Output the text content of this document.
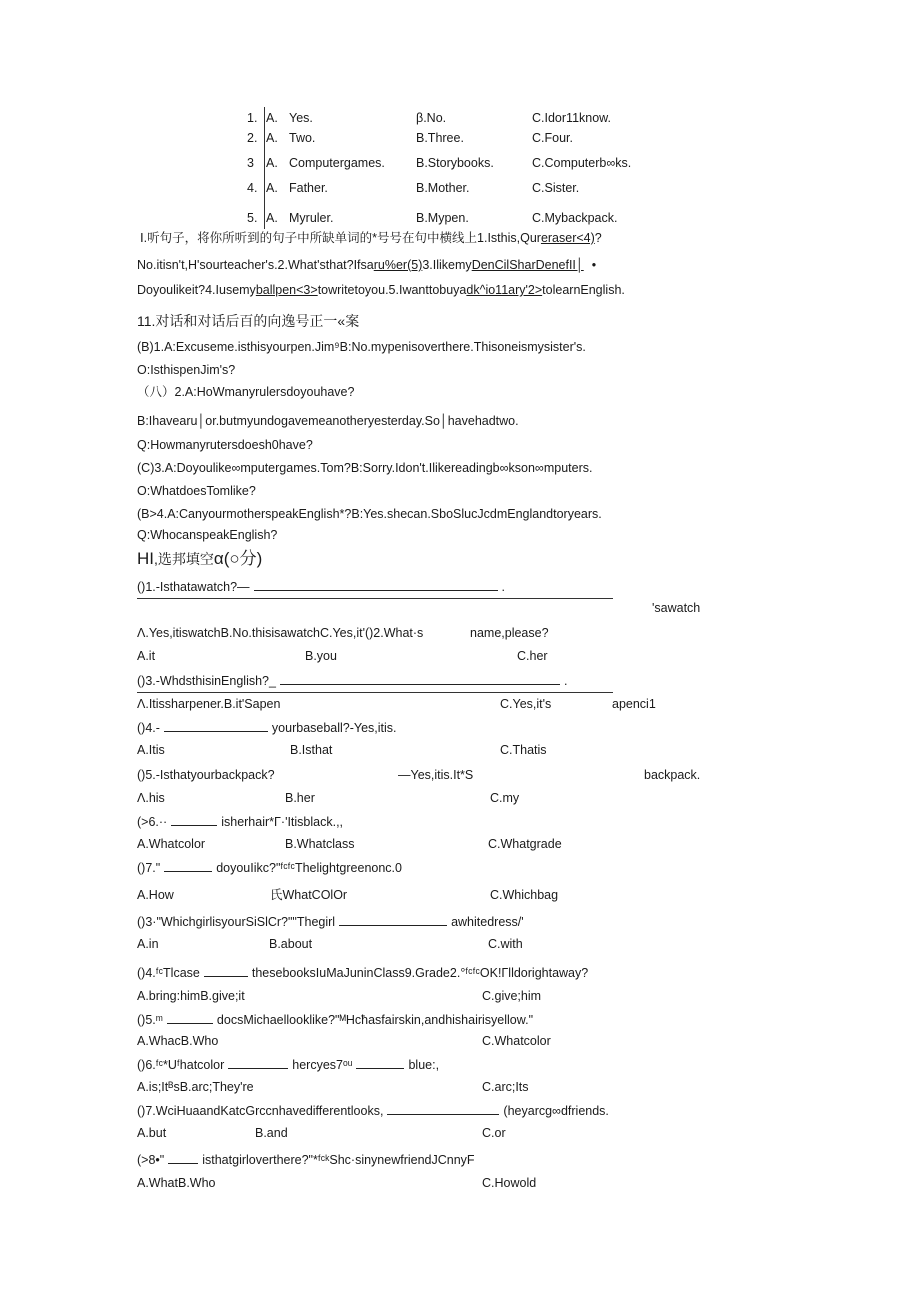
1. A. Yes.	β.No.	C.Idor11know.
2. A. Two.	B.Three.	C.Four.
3 A. Computergames. B.Storybooks.	C.Computerb∞ks.
4. A. Father.	B.Mother.	C.Sister.
5. A. Myruler.	B.Mypen.	C.Mybackpack.
Ⅰ.听句子，将你所听到的句子中所缺单词的*号号在句中横线上1.Isthis,Qureraser<4)?
No.itisn't,H'sourteacher's.2.What'sthat?Ifsaru%er(5)3.IlikemyDenCilSharDenefII│ •
Doyoulikeit?4.Iusemyballpen<3>towritetoyou.5.Iwanttobuyadk^io11ary'2>tolearnEnglish.
11.对话和对话后百的向逸号正一«案
(B)1.A:Excuseme.isthisyourpen.Jim⁹B:No.mypenisoverthere.Thisoneismysister's.
O:IsthispenJim's?
（八）2.A:HoWmanyrulersdoyouhave?
B:Ihavearu│or.butmyundogavemeanotheryesterday.So│havehadtwo.
Q:Howmanyrutersdoesh0have?
(C)3.A:Doyoulike∞mputergames.Tom?B:Sorry.Idon't.Ilikereadingb∞kson∞mputers.
O:WhatdoesTomlike?
(B>4.A:CanyourmotherspeakEnglish*?B:Yes.shecan.SboSlucJcdmEnglandtoryears.
Q:WhocanspeakEnglish?
HI,选邦填空α(○分)
()1.-Isthatawatch?—	.
'sawatch
Λ.Yes,itiswatchB.No.thisisawatchC.Yes,it'()2.What·s	name,please?
A.it	B.you	C.her
()3.-WhdsthisinEnglish?_	.
Λ.Itissharpener.B.it'Sapen	C.Yes,it's	apenci1
()4.-	yourbaseball?-Yes,itis.
A.Itis	B.Isthat	C.Thatis
()5.-Isthatyourbackpack?	—Yes,itis.It*S	backpack.
Λ.his	B.her	C.my
(>6.··	isherhair*Γ·'Itisblack.,,
A.Whatcolor	B.Whatclass	C.Whatgrade
()7."	doyouIikc?"ᶠᶜᶠᶜThelightgreenonc.0
A.How	氏WhatCOlOr	C.Whichbag
()3·"WhichgirlisyourSiSlCr?""Thegirl	awhitedress/'
A.in	B.about	C.with
()4.ᶠᶜTlcase	thesebooksIuMaJuninClass9.Grade2.°ᶠᶜᶠᶜOK!Γlldorightaway?
A.bring:himB.give;it	C.give;him
()5.ᵐ	docsMichaellooklike?"ᴹHcħasfairskin,andhishairisyellow."
A.WhacB.Who	C.Whatcolor
()6.ᶠᶜ*Uᶠhatcolor	hercyes7ᵒᵘ	blue:,
A.is;ItᴮsB.arc;They're	C.arc;Its
()7.WciHuaandKatcGrccnhavedifferentlooks,	(heyarcg∞dfriends.
A.but	B.and	C.or
(>8•"	isthatgirloverthere?"*ᶠᶜᵏShc·sinynewfriendJCnnyF
A.WhatB.Who	C.Howold
